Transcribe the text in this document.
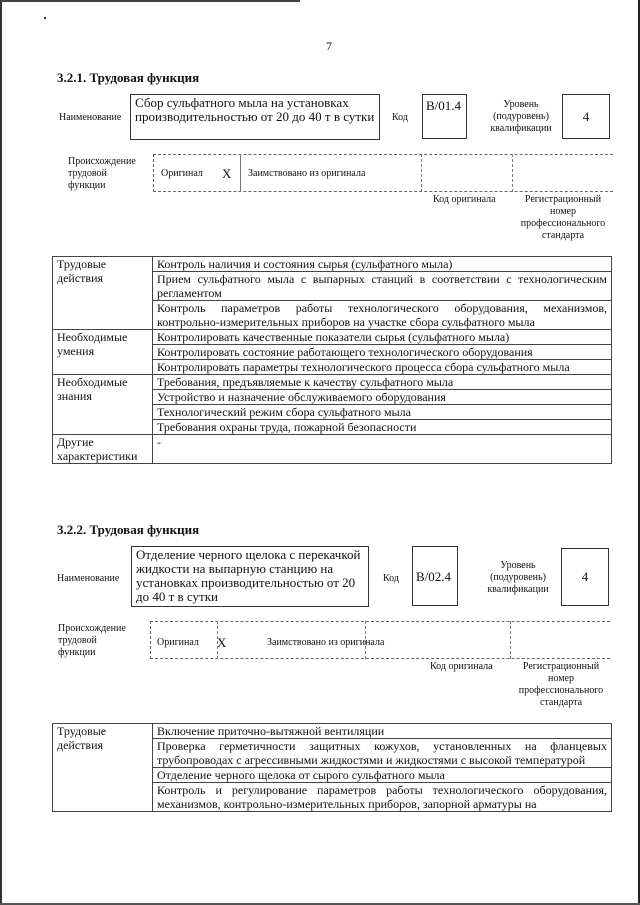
7
3.2.1. Трудовая функция
Наименование
Сбор сульфатного мыла на установках производительностью от 20 до 40 т в сутки	Код
B/01.4	Уровень (подуровень) квалификации
4
Происхождение трудовой функции
Оригинал X Заимствовано из оригинала
Код оригинала	Регистрационный номер профессионального стандарта
Трудовые действия	Контроль наличия и состояния сырья (сульфатного мыла)
	Прием сульфатного мыла с выпарных станций в соответствии с технологическим регламентом
	Контроль параметров работы технологического оборудования, механизмов, контрольно-измерительных приборов на участке сбора сульфатного мыла
Необходимые умения	Контролировать качественные показатели сырья (сульфатного мыла)
	Контролировать состояние работающего технологического оборудования
	Контролировать параметры технологического процесса сбора сульфатного мыла
Необходимые знания	Требования, предъявляемые к качеству сульфатного мыла
	Устройство и назначение обслуживаемого оборудования
	Технологический режим сбора сульфатного мыла
	Требования охраны труда, пожарной безопасности
Другие характеристики	-
3.2.2. Трудовая функция
Наименование
Отделение черного щелока с перекачкой жидкости на выпарную станцию на установках производительностью от 20 до 40 т в сутки
Код	B/02.4
Уровень (подуровень) квалификации
4
Происхождение трудовой функции
Оригинал X	Заимствовано из оригинала
Код оригинала	Регистрационный номер профессионального стандарта
Трудовые действия	Включение приточно-вытяжной вентиляции
Проверка герметичности защитных кожухов, установленных на фланцевых трубопроводах с агрессивными жидкостями и жидкостями с высокой температурой
Отделение черного щелока от сырого сульфатного мыла
Контроль и регулирование параметров работы технологического оборудования, механизмов, контрольно-измерительных приборов, запорной арматуры на
